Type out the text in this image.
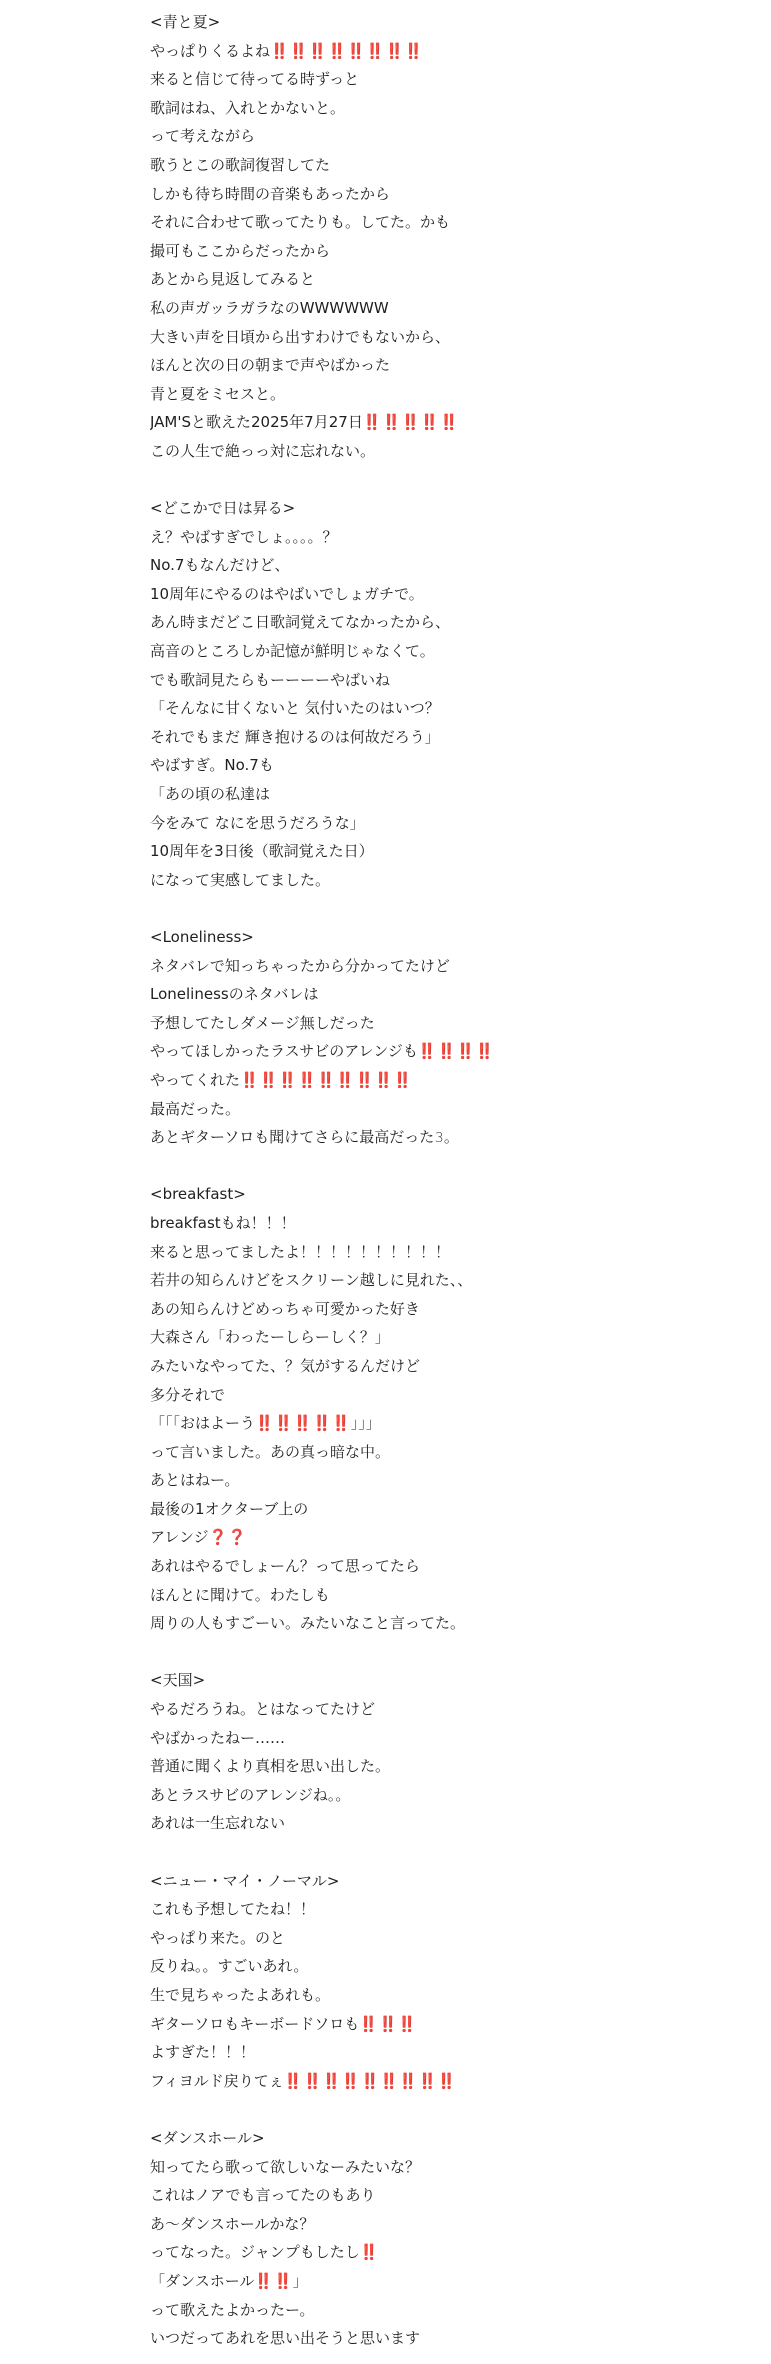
<青と夏>
やっぱりくるよね‼️‼️‼️‼️‼️‼️‼️‼️
来ると信じて待ってる時ずっと
歌詞はね、入れとかないと。
って考えながら
歌うとこの歌詞復習してた
しかも待ち時間の音楽もあったから
それに合わせて歌ってたりも。してた。かも
撮可もここからだったから
あとから見返してみると
私の声ガッラガラなのWWWWWW
大きい声を日頃から出すわけでもないから、
ほんと次の日の朝まで声やばかった
青と夏をミセスと。
JAM'Sと歌えた2025年7月27日‼️‼️‼️‼️‼️
この人生で絶っっ対に忘れない。
<どこかで日は昇る>
え？やばすぎでしょ。。。。？
No.7もなんだけど、
10周年にやるのはやばいでしょガチで。
あん時まだどこ日歌詞覚えてなかったから、
高音のところしか記憶が鮮明じゃなくて。
でも歌詞見たらもーーーーやばいね
「そんなに甘くないと 気付いたのはいつ？
それでもまだ 輝き抱けるのは何故だろう」
やばすぎ。No.7も
「あの頃の私達は
今をみて なにを思うだろうな」
10周年を3日後（歌詞覚えた日）
になって実感してました。
<Loneliness>
ネタバレで知っちゃったから分かってたけど
Lonelinessのネタバレは
予想してたしダメージ無しだった
やってほしかったラスサビのアレンジも‼️‼️‼️‼️
やってくれた‼️‼️‼️‼️‼️‼️‼️‼️‼️
最高だった。
あとギターソロも聞けてさらに最高だった𝟹。
<breakfast>
breakfastもね！！！
来ると思ってましたよ！！！！！！！！！！
若井の知らんけどをスクリーン越しに見れた、、
あの知らんけどめっちゃ可愛かった好き
大森さん「わったーしらーしく？」
みたいなやってた、？気がするんだけど
多分それで
「「「おはよーう‼️‼️‼️‼️‼️」」」
って言いました。あの真っ暗な中。
あとはねー。
最後の1オクターブ上の
アレンジ❓❓
あれはやるでしょーん？って思ってたら
ほんとに聞けて。わたしも
周りの人もすごーい。みたいなこと言ってた。
<天国>
やるだろうね。とはなってたけど
やばかったねー……
普通に聞くより真相を思い出した。
あとラスサビのアレンジね。。
あれは一生忘れない
<ニュー・マイ・ノーマル>
これも予想してたね！！
やっぱり来た。のと
反りね。。すごいあれ。
生で見ちゃったよあれも。
ギターソロもキーボードソロも‼️‼️‼️
よすぎた！！！
フィヨルド戻りてぇ‼️‼️‼️‼️‼️‼️‼️‼️‼️
<ダンスホール>
知ってたら歌って欲しいなーみたいな？
これはノアでも言ってたのもあり
あ〜ダンスホールかな？
ってなった。ジャンプもしたし‼️
「ダンスホール‼️‼️」
って歌えたよかったー。
いつだってあれを思い出そうと思います
